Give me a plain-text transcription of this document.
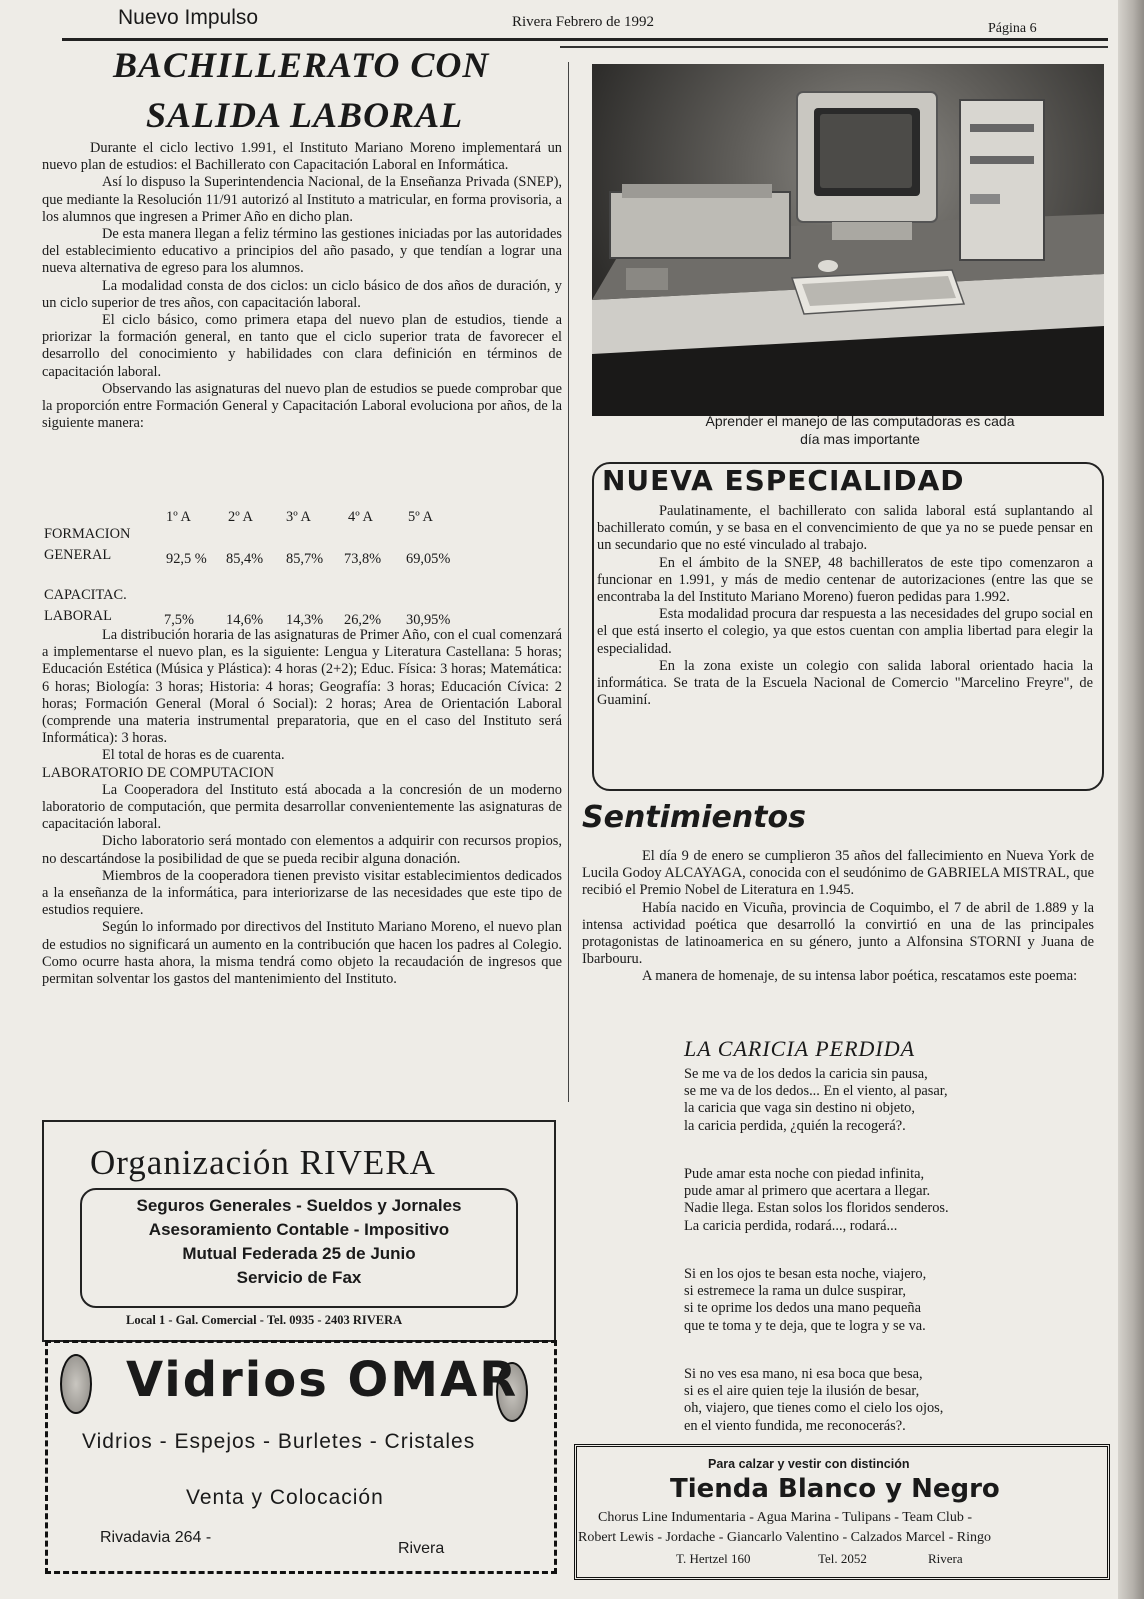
Nuevo Impulso	Rivera Febrero de 1992	Página 6
BACHILLERATO CON
SALIDA LABORAL

Durante el ciclo lectivo 1.991, el Instituto Mariano Moreno implementará un nuevo plan de estudios: el Bachillerato con Capacitación Laboral en Informática.

Así lo dispuso la Superintendencia Nacional, de la Enseñanza Privada (SNEP), que mediante la Resolución 11/91 autorizó al Instituto a matricular, en forma provisoria, a los alumnos que ingresen a Primer Año en dicho plan.

De esta manera llegan a feliz término las gestiones iniciadas por las autoridades del establecimiento educativo a principios del año pasado, y que tendían a lograr una nueva alternativa de egreso para los alumnos.

La modalidad consta de dos ciclos: un ciclo básico de dos años de duración, y un ciclo superior de tres años, con capacitación laboral.

El ciclo básico, como primera etapa del nuevo plan de estudios, tiende a priorizar la formación general, en tanto que el ciclo superior trata de favorecer el desarrollo del conocimiento y habilidades con clara definición en términos de capacitación laboral.

Observando las asignaturas del nuevo plan de estudios se puede comprobar que la proporción entre Formación General y Capacitación Laboral evoluciona por años, de la siguiente manera:

1º A	2º A 3º A	4º A 5º A
FORMACION
GENERAL	92,5 % 85,4% 85,7% 73,8% 69,05%
CAPACITAC.
LABORAL	7,5% 14,6% 14,3% 26,2% 30,95%

La distribución horaria de las asignaturas de Primer Año, con el cual comenzará a implementarse el nuevo plan, es la siguiente: Lengua y Literatura Castellana: 5 horas; Educación Estética (Música y Plástica): 4 horas (2+2); Educ. Física: 3 horas; Matemática: 6 horas; Biología: 3 horas; Historia: 4 horas; Geografía: 3 horas; Educación Cívica: 2 horas; Formación General (Moral ó Social): 2 horas; Area de Orientación Laboral (comprende una materia instrumental preparatoria, que en el caso del Instituto será Informática): 3 horas.

El total de horas es de cuarenta.

LABORATORIO DE COMPUTACION

La Cooperadora del Instituto está abocada a la concresión de un moderno laboratorio de computación, que permita desarrollar convenientemente las asignaturas de capacitación laboral.

Dicho laboratorio será montado con elementos a adquirir con recursos propios, no descartándose la posibilidad de que se pueda recibir alguna donación.

Miembros de la cooperadora tienen previsto visitar establecimientos dedicados a la enseñanza de la informática, para interiorizarse de las necesidades que este tipo de estudios requiere.

Según lo informado por directivos del Instituto Mariano Moreno, el nuevo plan de estudios no significará un aumento en la contribución que hacen los padres al Colegio. Como ocurre hasta ahora, la misma tendrá como objeto la recaudación de ingresos que permitan solventar los gastos del mantenimiento del Instituto.

Aprender el manejo de las computadoras es cada día mas importante
NUEVA ESPECIALIDAD

Paulatinamente, el bachillerato con salida laboral está suplantando al bachillerato común, y se basa en el convencimiento de que ya no se puede pensar en un secundario que no esté vinculado al trabajo.

En el ámbito de la SNEP, 48 bachilleratos de este tipo comenzaron a funcionar en 1.991, y más de medio centenar de autorizaciones (entre las que se encontraba la del Instituto Mariano Moreno) fueron pedidas para 1.992.

Esta modalidad procura dar respuesta a las necesidades del grupo social en el que está inserto el colegio, ya que estos cuentan con amplia libertad para elegir la especialidad.

En la zona existe un colegio con salida laboral orientado hacia la informática. Se trata de la Escuela Nacional de Comercio "Marcelino Freyre", de Guaminí.

Sentimientos

El día 9 de enero se cumplieron 35 años del fallecimiento en Nueva York de Lucila Godoy ALCAYAGA, conocida con el seudónimo de GABRIELA MISTRAL, que recibió el Premio Nobel de Literatura en 1.945.

Había nacido en Vicuña, provincia de Coquimbo, el 7 de abril de 1.889 y la intensa actividad poética que desarrolló la convirtió en una de las principales protagonistas de latinoamerica en su género, junto a Alfonsina STORNI y Juana de Ibarbouru.

A manera de homenaje, de su intensa labor poética, rescatamos este poema:

LA CARICIA PERDIDA
Se me va de los dedos la caricia sin pausa,
se me va de los dedos... En el viento, al pasar,
la caricia que vaga sin destino ni objeto,
la caricia perdida, ¿quién la recogerá?.
Pude amar esta noche con piedad infinita,
pude amar al primero que acertara a llegar.
Nadie llega. Estan solos los floridos senderos.
La caricia perdida, rodará..., rodará...
Si en los ojos te besan esta noche, viajero,
si estremece la rama un dulce suspirar,
si te oprime los dedos una mano pequeña
que te toma y te deja, que te logra y se va.
Si no ves esa mano, ni esa boca que besa,
si es el aire quien teje la ilusión de besar,
oh, viajero, que tienes como el cielo los ojos,
en el viento fundida, me reconocerás?.
Organización RIVERA
Seguros Generales - Sueldos y Jornales
Asesoramiento Contable - Impositivo
Mutual Federada 25 de Junio
Servicio de Fax
Local 1 - Gal. Comercial - Tel. 0935 - 2403 RIVERA
Vidrios OMAR
Vidrios - Espejos - Burletes - Cristales
Venta y Colocación
Rivadavia 264 -
Rivera
Para calzar y vestir con distinción
Tienda Blanco y Negro
Chorus Line Indumentaria - Agua Marina - Tulipans - Team Club -
Robert Lewis - Jordache - Giancarlo Valentino - Calzados Marcel - Ringo
T. Hertzel 160	Tel. 2052	Rivera
